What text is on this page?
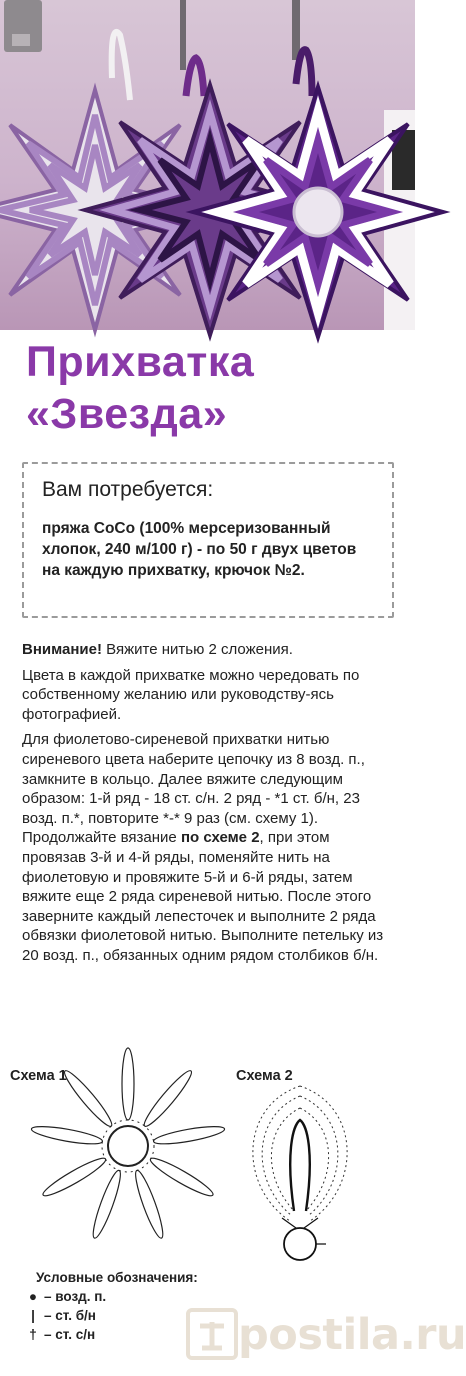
Прихватка
«Звезда»
Вам потребуется:
пряжа CoCo (100% мерсеризованный хлопок, 240 м/100 г) - по 50 г двух цветов на каждую прихватку, крючок №2.

Внимание! Вяжите нитью 2 сложения.

Цвета в каждой прихватке можно чередовать по собственному желанию или руководству-ясь фотографией.

Для фиолетово-сиреневой прихватки нитью сиреневого цвета наберите цепочку из 8 возд. п., замкните в кольцо. Далее вяжите следующим образом: 1-й ряд - 18 ст. с/н. 2 ряд - *1 ст. б/н, 23 возд. п.*, повторите *-* 9 раз (см. схему 1). Продолжайте вязание по схеме 2, при этом провязав 3-й и 4-й ряды, поменяйте нить на фиолетовую и провяжите 5-й и 6-й ряды, затем вяжите еще 2 ряда сиреневой нитью. После этого заверните каждый лепесточек и выполните 2 ряда обвязки фиолетовой нитью. Выполните петельку из 20 возд. п., обязанных одним рядом столбиков б/н.

Схема 1	Схема 2
Условные обозначения:
● – возд. п.
| – ст. б/н
† – ст. с/н	postila.ru
